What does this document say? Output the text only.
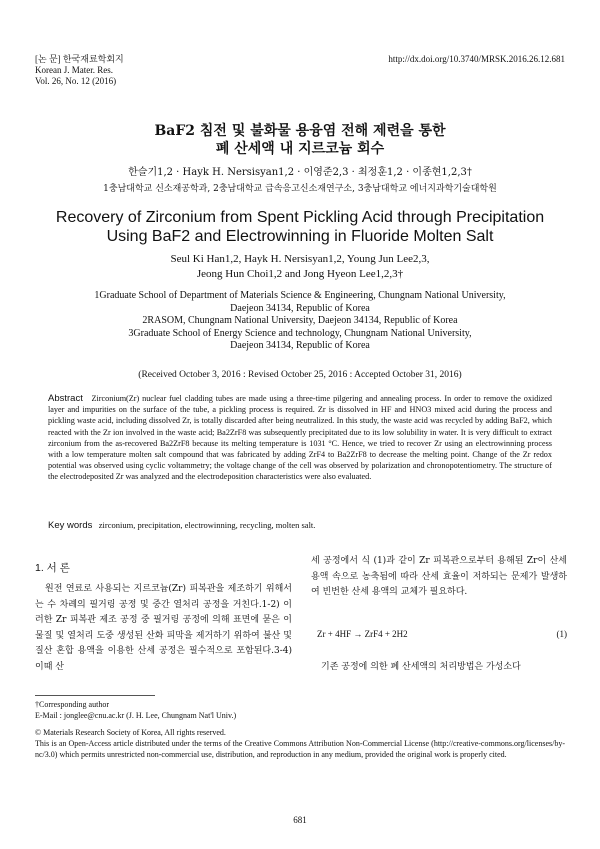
[논 문] 한국재료학회지
Korean J. Mater. Res.
Vol. 26, No. 12 (2016)
http://dx.doi.org/10.3740/MRSK.2016.26.12.681
BaF2 침전 및 불화물 용융염 전해 제련을 통한
폐 산세액 내 지르코늄 회수
한슬기1,2 · Hayk H. Nersisyan1,2 · 이영준2,3 · 최정훈1,2 · 이종현1,2,3†
1충남대학교 신소재공학과, 2충남대학교 급속응고신소재연구소, 3충남대학교 에너지과학기술대학원
Recovery of Zirconium from Spent Pickling Acid through Precipitation
Using BaF2 and Electrowinning in Fluoride Molten Salt
Seul Ki Han1,2, Hayk H. Nersisyan1,2, Young Jun Lee2,3,
Jeong Hun Choi1,2 and Jong Hyeon Lee1,2,3†
1Graduate School of Department of Materials Science & Engineering, Chungnam National University,
Daejeon 34134, Republic of Korea
2RASOM, Chungnam National University, Daejeon 34134, Republic of Korea
3Graduate School of Energy Science and technology, Chungnam National University,
Daejeon 34134, Republic of Korea
(Received October 3, 2016 : Revised October 25, 2016 : Accepted October 31, 2016)
Abstract Zirconium(Zr) nuclear fuel cladding tubes are made using a three-time pilgering and annealing process. In order to remove the oxidized layer and impurities on the surface of the tube, a pickling process is required. Zr is dissolved in HF and HNO3 mixed acid during the process and pickling waste acid, including dissolved Zr, is totally discarded after being neutralized. In this study, the waste acid was recycled by adding BaF2, which reacted with the Zr ion involved in the waste acid; Ba2ZrF8 was subsequently precipitated due to its low solubility in water. It is very difficult to extract zirconium from the as-recovered Ba2ZrF8 because its melting temperature is 1031 °C. Hence, we tried to recover Zr using an electrowinning process with a low temperature molten salt compound that was fabricated by adding ZrF4 to Ba2ZrF8 to decrease the melting point. Change of the Zr redox potential was observed using cyclic voltammetry; the voltage change of the cell was observed by polarization and chronopotentiometry. The structure of the electrodeposited Zr was analyzed and the electrodeposition characteristics were also evaluated.
Key words zirconium, precipitation, electrowinning, recycling, molten salt.
1. 서 론

원전 연료로 사용되는 지르코늄(Zr) 피복관을 제조하기 위해서는 수 차례의 필거링 공정 및 중간 열처리 공정을 거친다.1-2) 이러한 Zr 피복관 제조 공정 중 필거링 공정에 의해 표면에 묻은 이물질 및 열처리 도중 생성된 산화 피막을 제거하기 위하여 불산 및 질산 혼합 용액을 이용한 산세 공정은 필수적으로 포함된다.3-4) 이때 산

세 공정에서 식 (1)과 같이 Zr 피복관으로부터 용해된 Zr이 산세 용액 속으로 농축됨에 따라 산세 효율이 저하되는 문제가 발생하여 빈번한 산세 용액의 교체가 필요하다.

Zr + 4HF → ZrF4 + 2H2	(1)

기존 공정에 의한 폐 산세액의 처리방법은 가성소다

†Corresponding author
E-Mail : jonglee@cnu.ac.kr (J. H. Lee, Chungnam Nat'l Univ.)
© Materials Research Society of Korea, All rights reserved.
This is an Open-Access article distributed under the terms of the Creative Commons Attribution Non-Commercial License (http://creative-commons.org/licenses/by-nc/3.0) which permits unrestricted non-commercial use, distribution, and reproduction in any medium, provided the original work is properly cited.
681
